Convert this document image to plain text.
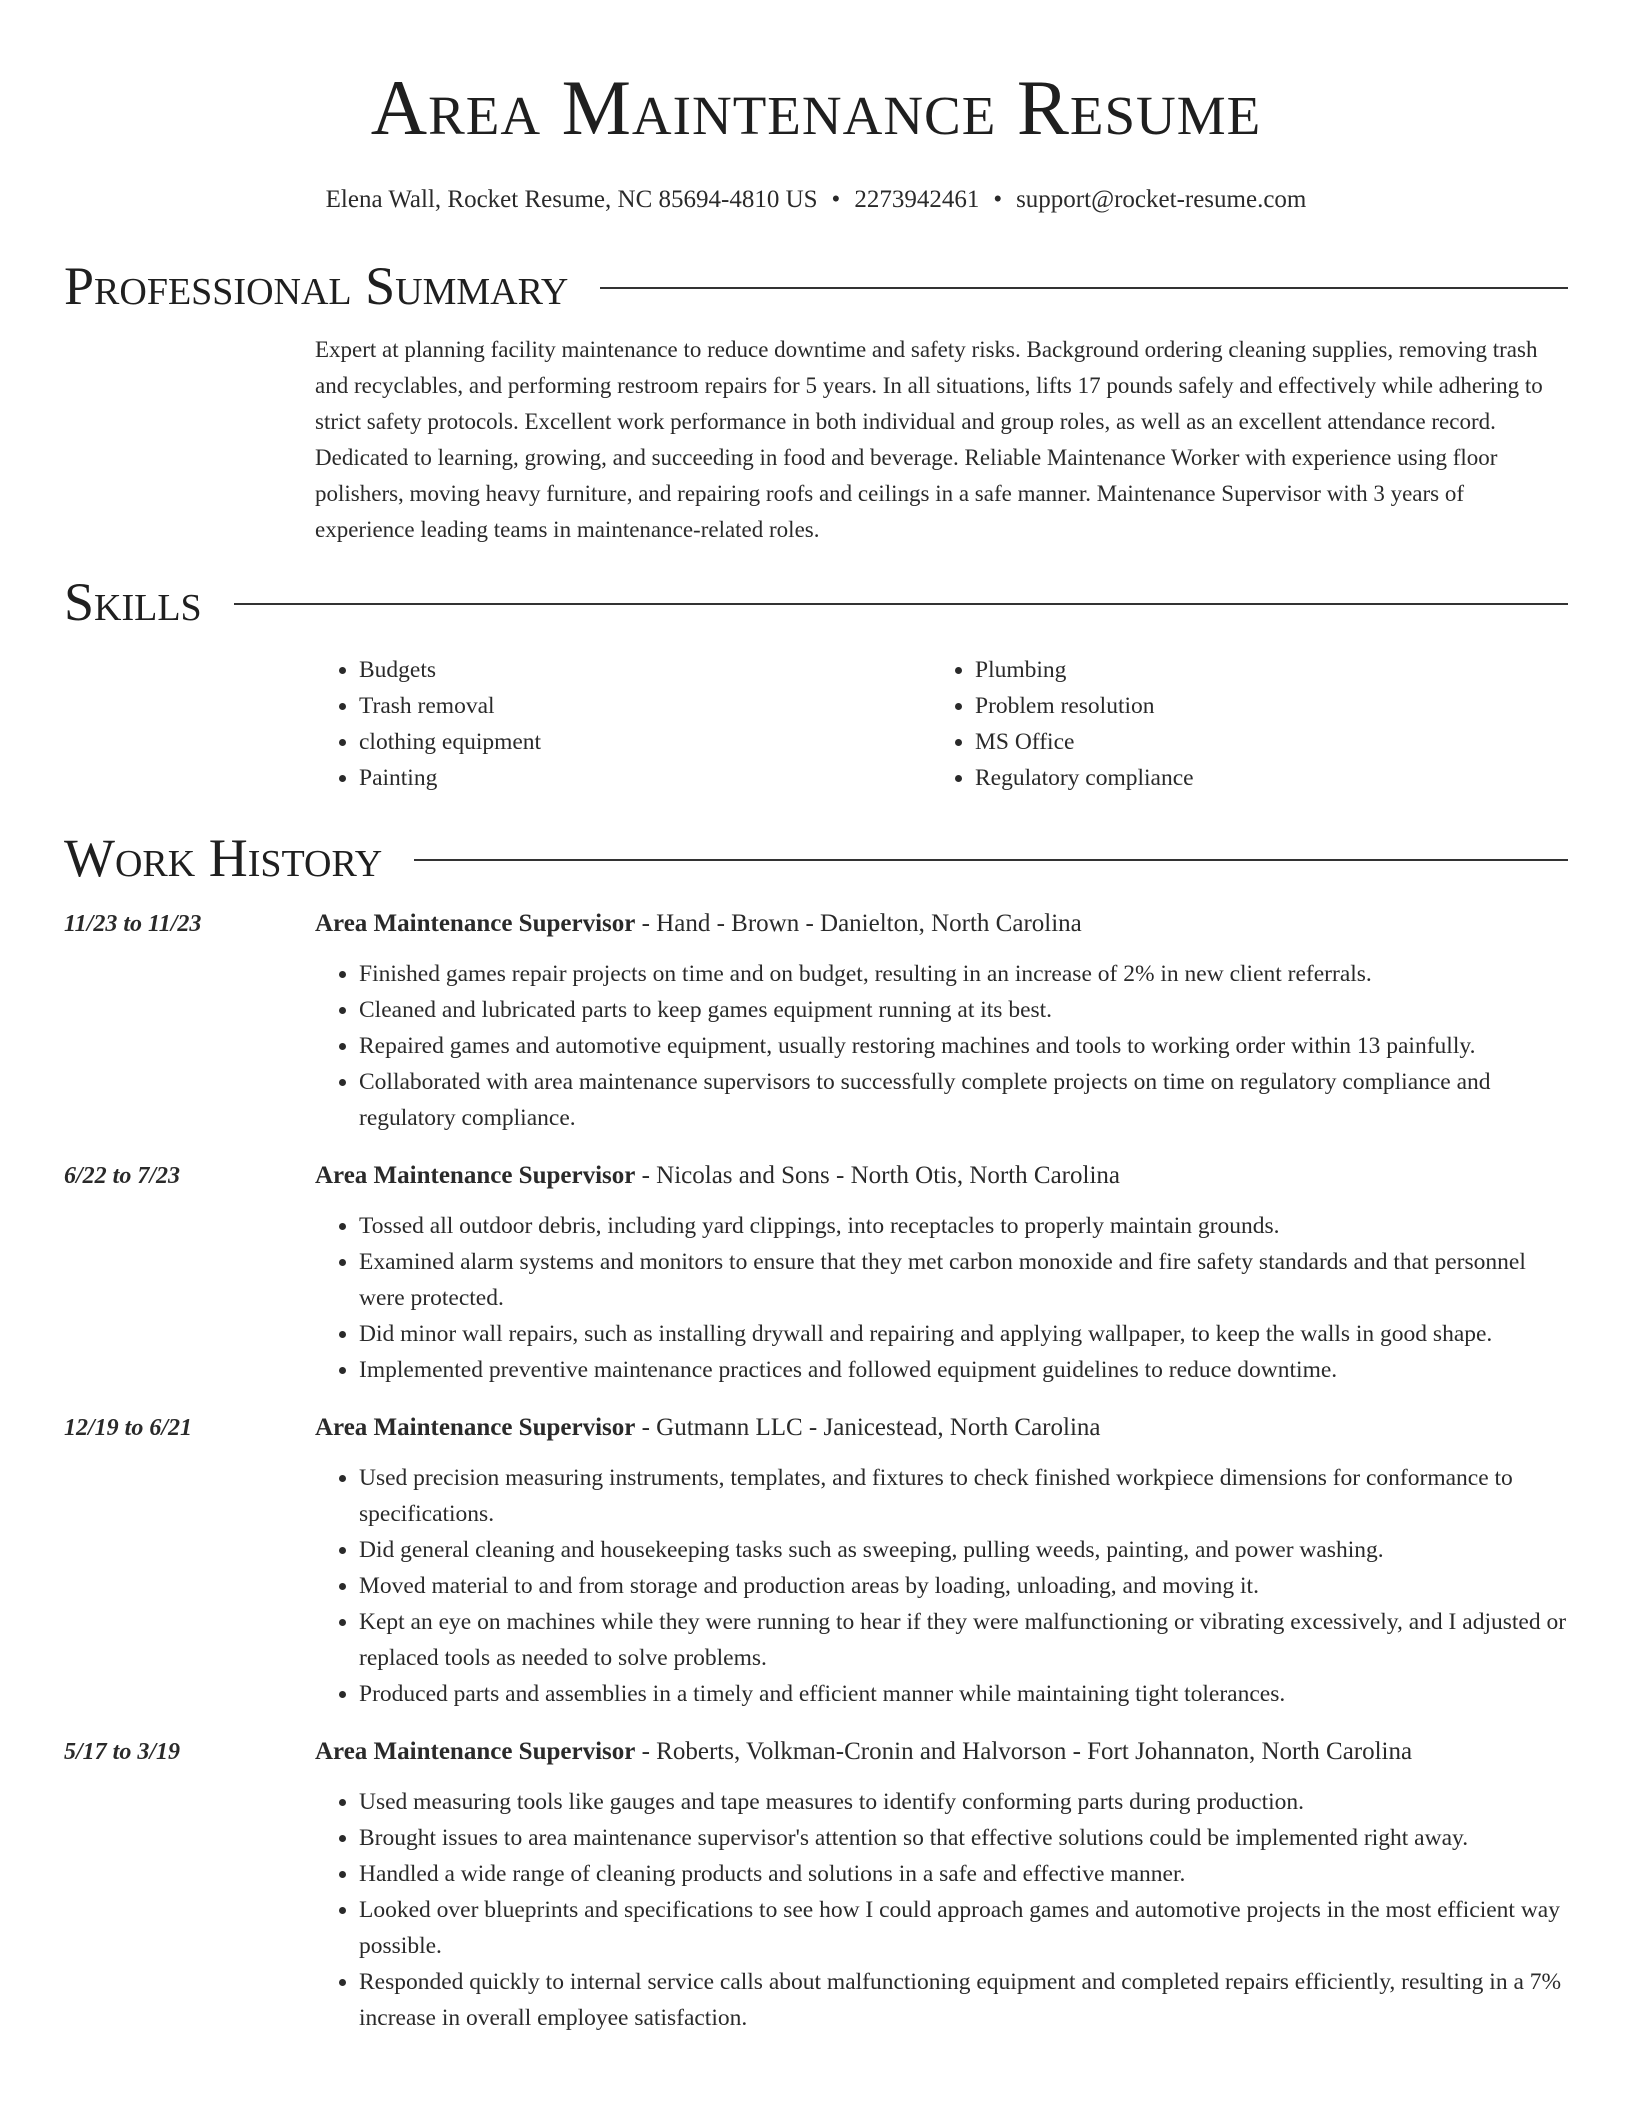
Area Maintenance Resume
Elena Wall, Rocket Resume, NC 85694-4810 US • 2273942461 • support@rocket-resume.com
Professional Summary

Expert at planning facility maintenance to reduce downtime and safety risks. Background ordering cleaning supplies, removing trash and recyclables, and performing restroom repairs for 5 years. In all situations, lifts 17 pounds safely and effectively while adhering to strict safety protocols. Excellent work performance in both individual and group roles, as well as an excellent attendance record. Dedicated to learning, growing, and succeeding in food and beverage. Reliable Maintenance Worker with experience using floor polishers, moving heavy furniture, and repairing roofs and ceilings in a safe manner. Maintenance Supervisor with 3 years of experience leading teams in maintenance-related roles.

Skills
• Budgets
• Trash removal
• clothing equipment
• Painting
• Plumbing
• Problem resolution
• MS Office
• Regulatory compliance
Work History
11/23 to 11/23	Area Maintenance Supervisor - Hand - Brown - Danielton, North Carolina
• Finished games repair projects on time and on budget, resulting in an increase of 2% in new client referrals.
• Cleaned and lubricated parts to keep games equipment running at its best.
• Repaired games and automotive equipment, usually restoring machines and tools to working order within 13 painfully.
• Collaborated with area maintenance supervisors to successfully complete projects on time on regulatory compliance and regulatory compliance.
6/22 to 7/23	Area Maintenance Supervisor - Nicolas and Sons - North Otis, North Carolina
• Tossed all outdoor debris, including yard clippings, into receptacles to properly maintain grounds.
• Examined alarm systems and monitors to ensure that they met carbon monoxide and fire safety standards and that personnel were protected.
• Did minor wall repairs, such as installing drywall and repairing and applying wallpaper, to keep the walls in good shape.
• Implemented preventive maintenance practices and followed equipment guidelines to reduce downtime.
12/19 to 6/21	Area Maintenance Supervisor - Gutmann LLC - Janicestead, North Carolina
• Used precision measuring instruments, templates, and fixtures to check finished workpiece dimensions for conformance to specifications.
• Did general cleaning and housekeeping tasks such as sweeping, pulling weeds, painting, and power washing.
• Moved material to and from storage and production areas by loading, unloading, and moving it.
• Kept an eye on machines while they were running to hear if they were malfunctioning or vibrating excessively, and I adjusted or replaced tools as needed to solve problems.
• Produced parts and assemblies in a timely and efficient manner while maintaining tight tolerances.
5/17 to 3/19	Area Maintenance Supervisor - Roberts, Volkman-Cronin and Halvorson - Fort Johannaton, North Carolina
• Used measuring tools like gauges and tape measures to identify conforming parts during production.
• Brought issues to area maintenance supervisor's attention so that effective solutions could be implemented right away.
• Handled a wide range of cleaning products and solutions in a safe and effective manner.
• Looked over blueprints and specifications to see how I could approach games and automotive projects in the most efficient way possible.
• Responded quickly to internal service calls about malfunctioning equipment and completed repairs efficiently, resulting in a 7% increase in overall employee satisfaction.
